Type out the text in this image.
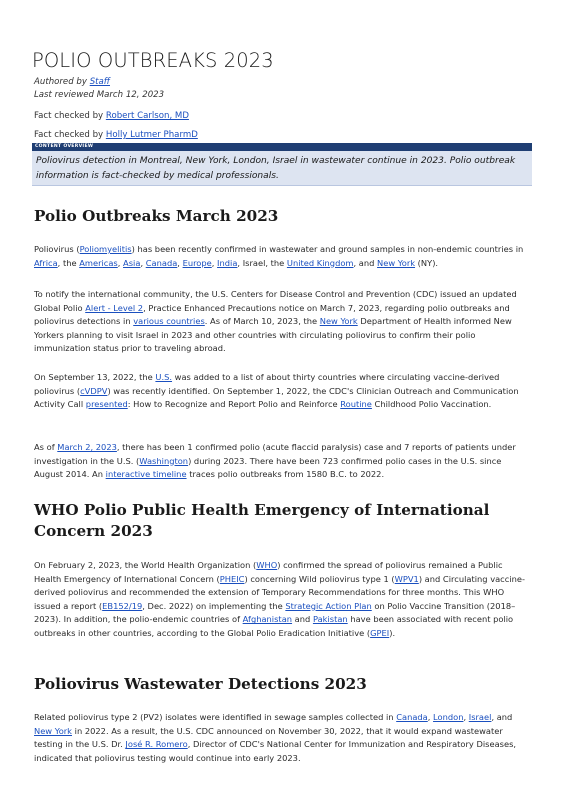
POLIO OUTBREAKS 2023
Authored by Staff
Last reviewed March 12, 2023
Fact checked by Robert Carlson, MD
Fact checked by Holly Lutmer PharmD
CONTENT OVERVIEW
Poliovirus detection in Montreal, New York, London, Israel in wastewater continue in 2023. Polio outbreak information is fact-checked by medical professionals.
Polio Outbreaks March 2023

Poliovirus (Poliomyelitis) has been recently confirmed in wastewater and ground samples in non-endemic countries in Africa, the Americas, Asia, Canada, Europe, India, Israel, the United Kingdom, and New York (NY).

To notify the international community, the U.S. Centers for Disease Control and Prevention (CDC) issued an updated Global Polio Alert - Level 2, Practice Enhanced Precautions notice on March 7, 2023, regarding polio outbreaks and poliovirus detections in various countries. As of March 10, 2023, the New York Department of Health informed New Yorkers planning to visit Israel in 2023 and other countries with circulating poliovirus to confirm their polio immunization status prior to traveling abroad.

On September 13, 2022, the U.S. was added to a list of about thirty countries where circulating vaccine-derived poliovirus (cVDPV) was recently identified. On September 1, 2022, the CDC's Clinician Outreach and Communication Activity Call presented: How to Recognize and Report Polio and Reinforce Routine Childhood Polio Vaccination.

As of March 2, 2023, there has been 1 confirmed polio (acute flaccid paralysis) case and 7 reports of patients under investigation in the U.S. (Washington) during 2023. There have been 723 confirmed polio cases in the U.S. since August 2014. An interactive timeline traces polio outbreaks from 1580 B.C. to 2022.

WHO Polio Public Health Emergency of International Concern 2023

On February 2, 2023, the World Health Organization (WHO) confirmed the spread of poliovirus remained a Public Health Emergency of International Concern (PHEIC) concerning Wild poliovirus type 1 (WPV1) and Circulating vaccine-derived poliovirus and recommended the extension of Temporary Recommendations for three months. This WHO issued a report (EB152/19, Dec. 2022) on implementing the Strategic Action Plan on Polio Vaccine Transition (2018–2023). In addition, the polio-endemic countries of Afghanistan and Pakistan have been associated with recent polio outbreaks in other countries, according to the Global Polio Eradication Initiative (GPEI).

Poliovirus Wastewater Detections 2023

Related poliovirus type 2 (PV2) isolates were identified in sewage samples collected in Canada, London, Israel, and New York in 2022. As a result, the U.S. CDC announced on November 30, 2022, that it would expand wastewater testing in the U.S. Dr. José R. Romero, Director of CDC's National Center for Immunization and Respiratory Diseases, indicated that poliovirus testing would continue into early 2023.
